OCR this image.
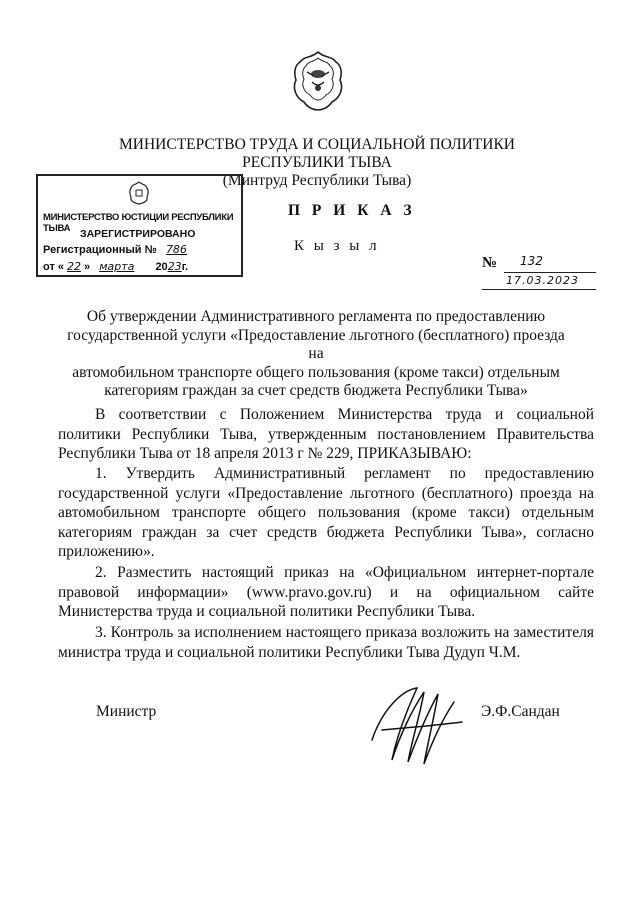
МИНИСТЕРСТВО ТРУДА И СОЦИАЛЬНОЙ ПОЛИТИКИ
РЕСПУБЛИКИ ТЫВА
(Минтруд Республики Тыва)
МИНИСТЕРСТВО ЮСТИЦИИ РЕСПУБЛИКИ ТЫВА ЗАРЕГИСТРИРОВАНО
Регистрационный № 786
от « 22 » марта 2023г.
П Р И К А З
К ы з ы л
№ 132
17.03.2023
Об утверждении Административного регламента по предоставлению
государственной услуги «Предоставление льготного (бесплатного) проезда на
автомобильном транспорте общего пользования (кроме такси) отдельным
категориям граждан за счет средств бюджета Республики Тыва»
В соответствии с Положением Министерства труда и социальной политики Республики Тыва, утвержденным постановлением Правительства Республики Тыва от 18 апреля 2013 г № 229, ПРИКАЗЫВАЮ:
1. Утвердить Административный регламент по предоставлению государственной услуги «Предоставление льготного (бесплатного) проезда на автомобильном транспорте общего пользования (кроме такси) отдельным категориям граждан за счет средств бюджета Республики Тыва», согласно приложению».
2. Разместить настоящий приказ на «Официальном интернет-портале правовой информации» (www.pravo.gov.ru) и на официальном сайте Министерства труда и социальной политики Республики Тыва.
3. Контроль за исполнением настоящего приказа возложить на заместителя министра труда и социальной политики Республики Тыва Дудуп Ч.М.
Министр	Э.Ф.Сандан
